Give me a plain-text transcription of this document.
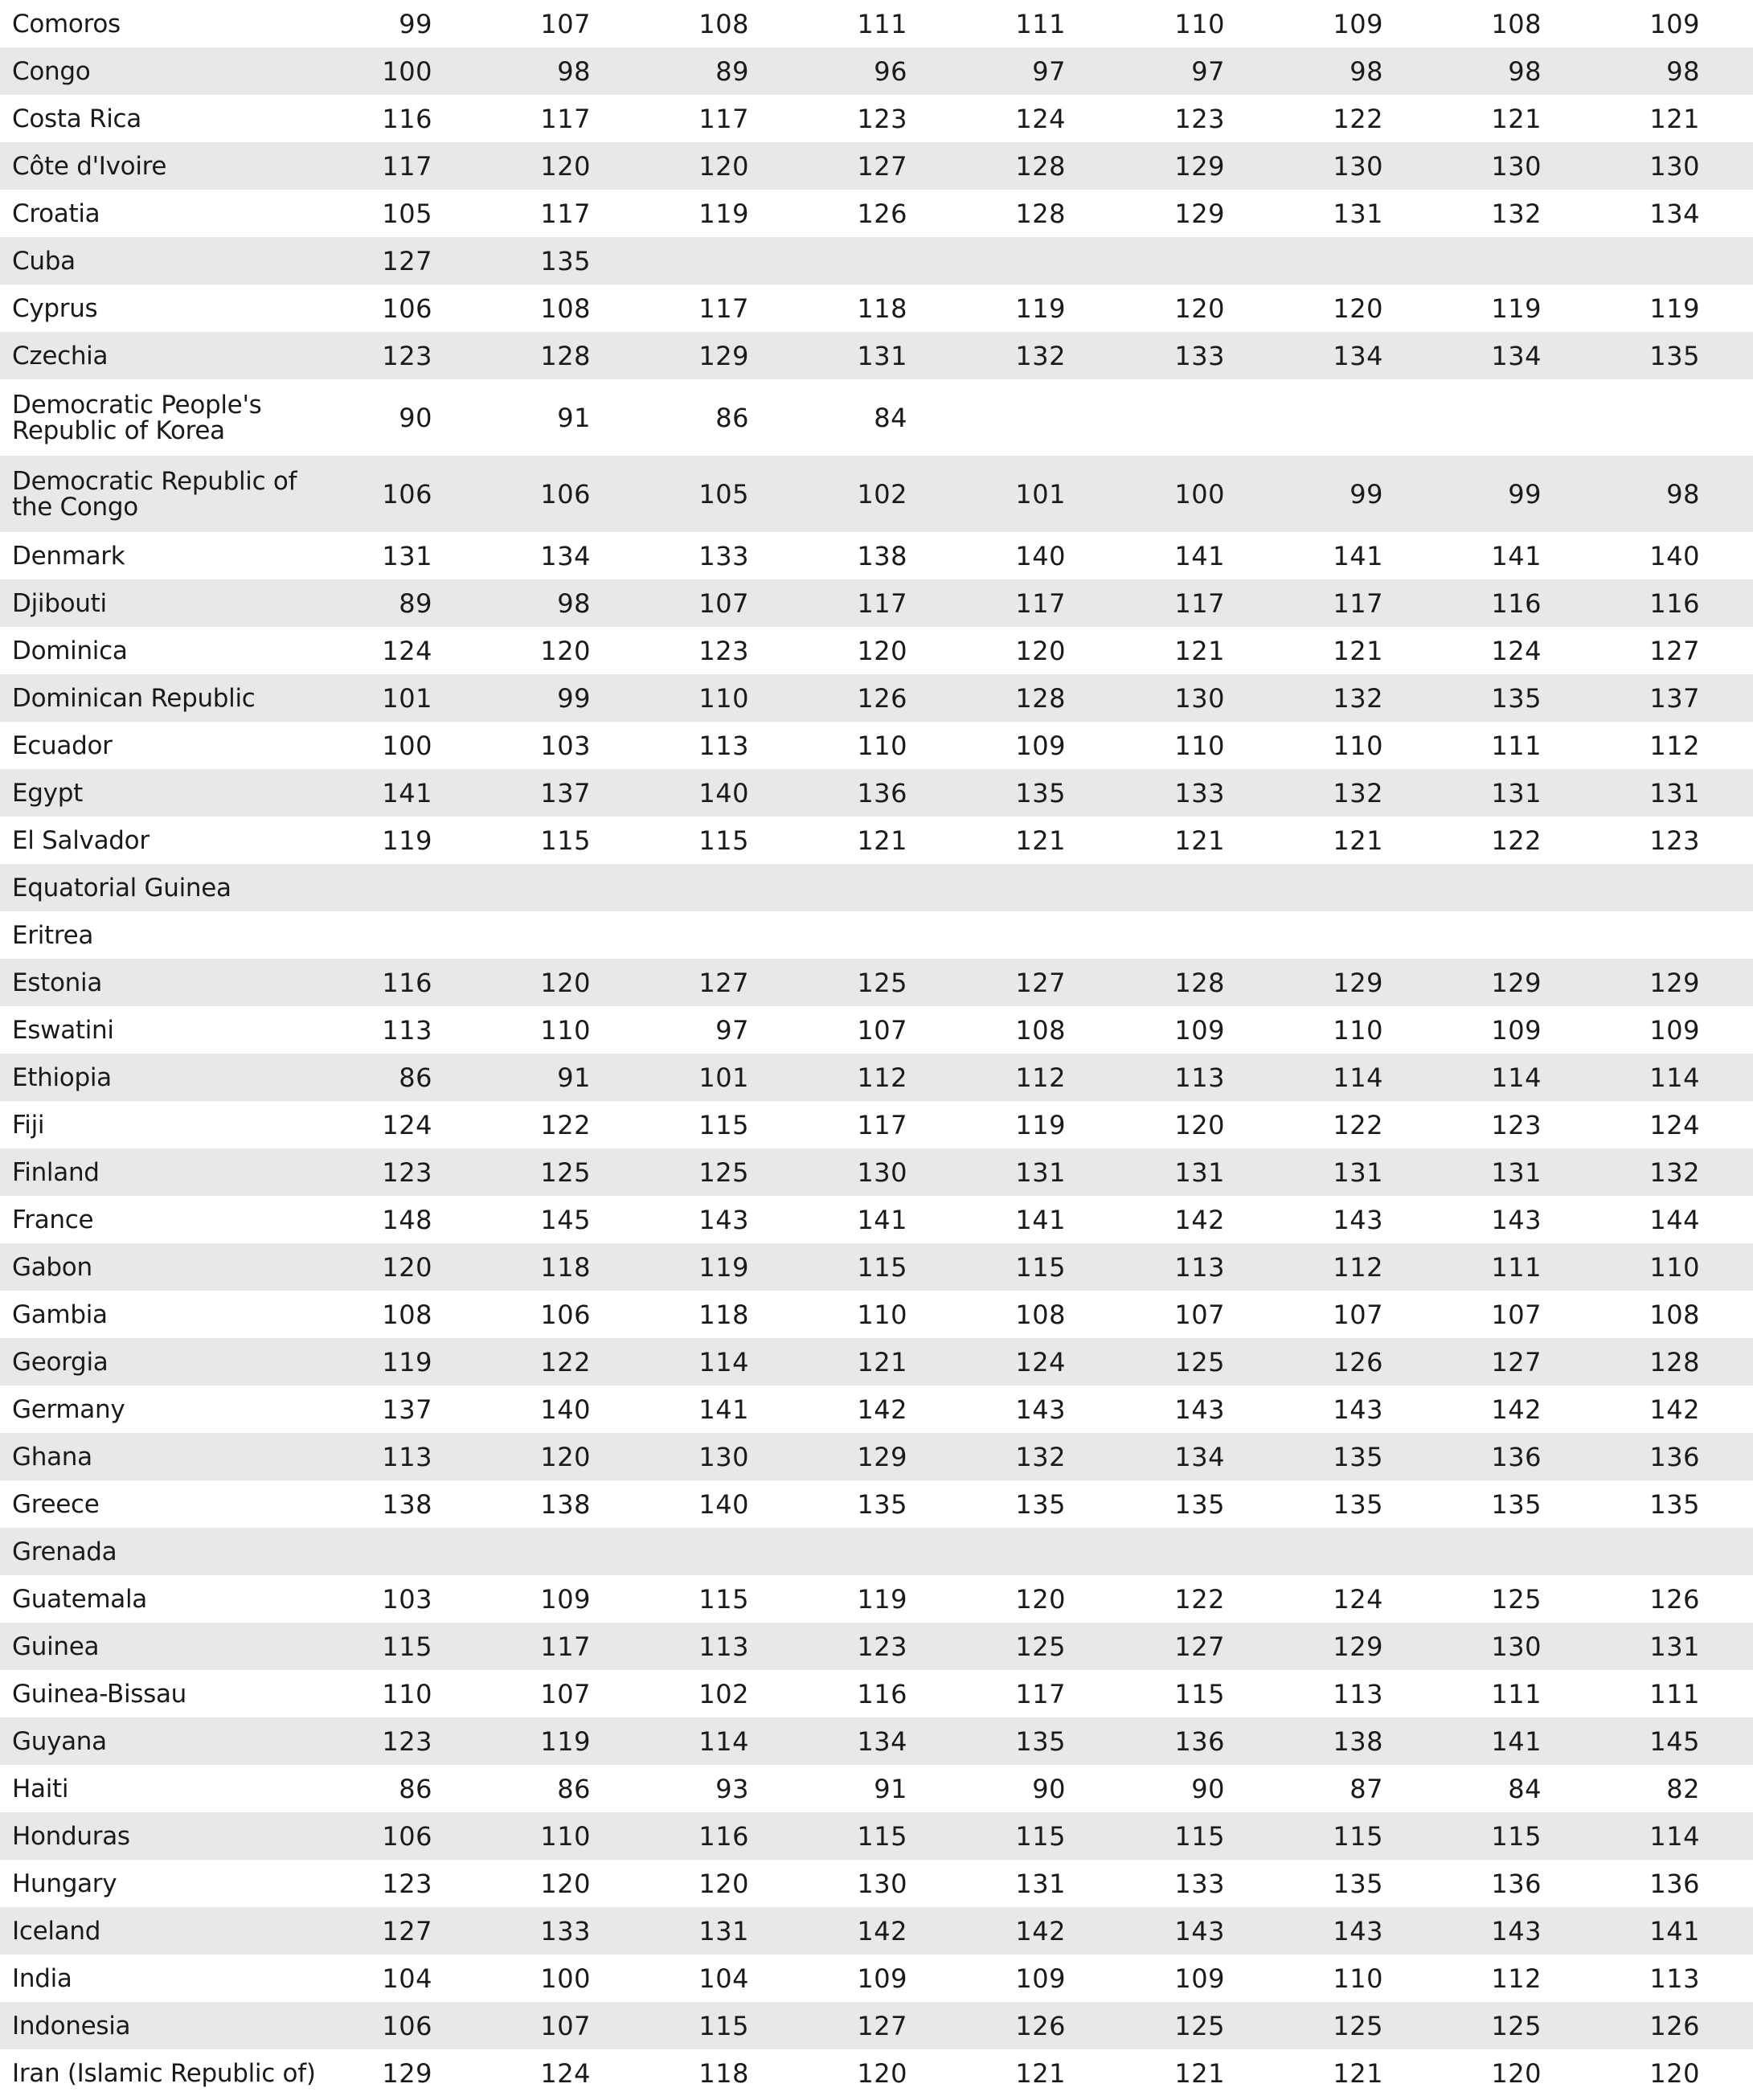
Comoros	99	107	108	111	111	110	109	108	109
Congo	100	98	89	96	97	97	98	98	98
Costa Rica	116	117	117	123	124	123	122	121	121
Côte d'Ivoire	117	120	120	127	128	129	130	130	130
Croatia	105	117	119	126	128	129	131	132	134
Cuba	127	135
Cyprus	106	108	117	118	119	120	120	119	119
Czechia	123	128	129	131	132	133	134	134	135
Democratic People's Republic of Korea	90	91	86	84
Democratic Republic of the Congo	106	106	105	102	101	100	99	99	98
Denmark	131	134	133	138	140	141	141	141	140
Djibouti	89	98	107	117	117	117	117	116	116
Dominica	124	120	123	120	120	121	121	124	127
Dominican Republic	101	99	110	126	128	130	132	135	137
Ecuador	100	103	113	110	109	110	110	111	112
Egypt	141	137	140	136	135	133	132	131	131
El Salvador	119	115	115	121	121	121	121	122	123
Equatorial Guinea
Eritrea
Estonia	116	120	127	125	127	128	129	129	129
Eswatini	113	110	97	107	108	109	110	109	109
Ethiopia	86	91	101	112	112	113	114	114	114
Fiji	124	122	115	117	119	120	122	123	124
Finland	123	125	125	130	131	131	131	131	132
France	148	145	143	141	141	142	143	143	144
Gabon	120	118	119	115	115	113	112	111	110
Gambia	108	106	118	110	108	107	107	107	108
Georgia	119	122	114	121	124	125	126	127	128
Germany	137	140	141	142	143	143	143	142	142
Ghana	113	120	130	129	132	134	135	136	136
Greece	138	138	140	135	135	135	135	135	135
Grenada
Guatemala	103	109	115	119	120	122	124	125	126
Guinea	115	117	113	123	125	127	129	130	131
Guinea-Bissau	110	107	102	116	117	115	113	111	111
Guyana	123	119	114	134	135	136	138	141	145
Haiti	86	86	93	91	90	90	87	84	82
Honduras	106	110	116	115	115	115	115	115	114
Hungary	123	120	120	130	131	133	135	136	136
Iceland	127	133	131	142	142	143	143	143	141
India	104	100	104	109	109	109	110	112	113
Indonesia	106	107	115	127	126	125	125	125	126
Iran (Islamic Republic of)	129	124	118	120	121	121	121	120	120
